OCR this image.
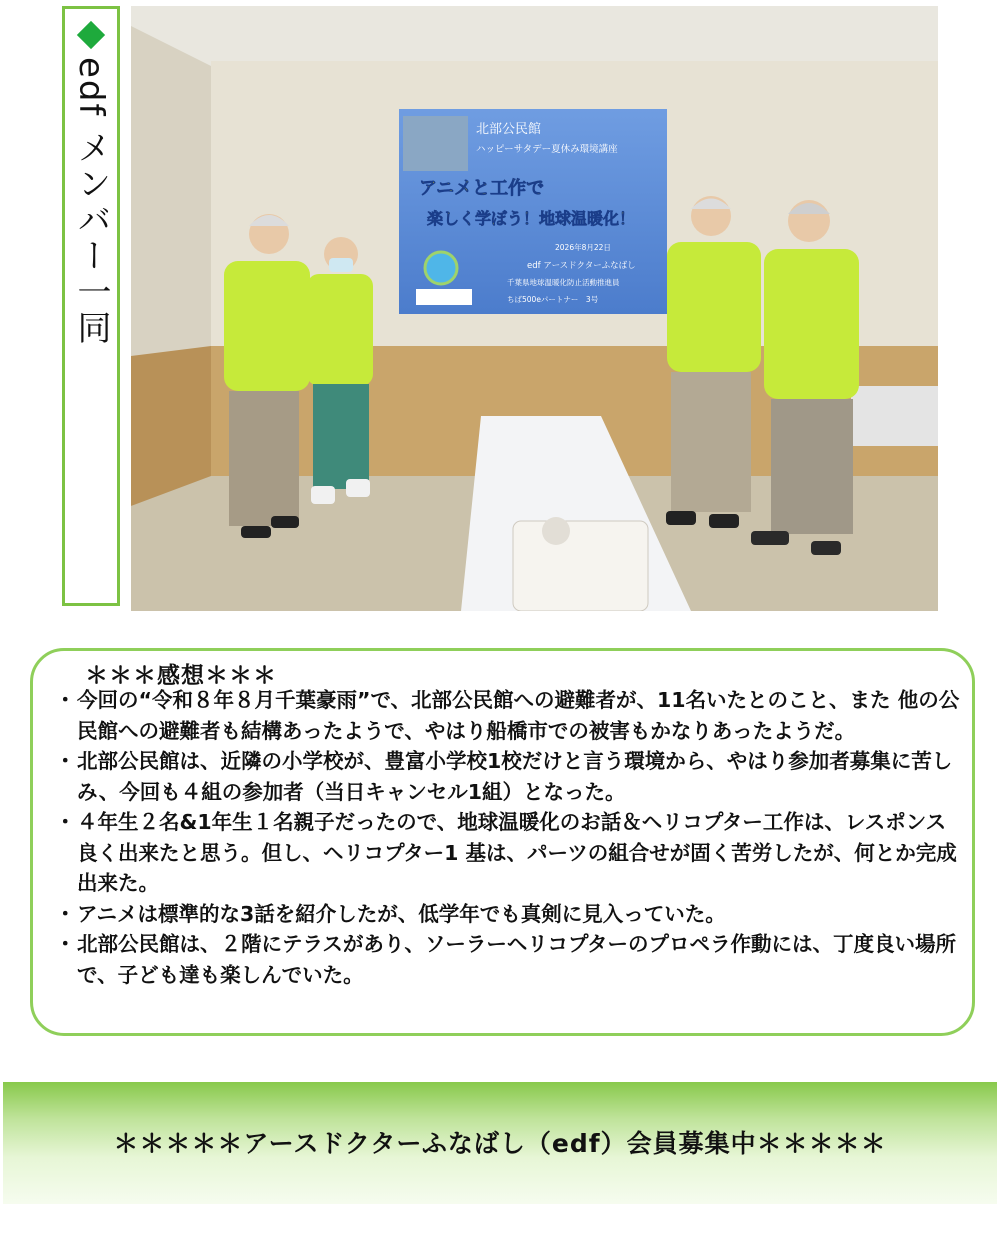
edf メンバー一同	北部公民館
ハッピーサタデー夏休み環境講座
アニメと工作で
楽しく学ぼう！地球温暖化！
2026年8月22日
edf アースドクターふなばし
千葉県地球温暖化防止活動推進員
ちば500eパートナー　3号
＊＊＊感想＊＊＊
・ 今回の“令和８年８月千葉豪雨”で、北部公民館への避難者が、11名いたとのこと、また 他の公民館への避難者も結構あったようで、やはり船橋市での被害もかなりあったようだ。
・ 北部公民館は、近隣の小学校が、豊富小学校1校だけと言う環境から、やはり参加者募集に苦しみ、今回も４組の参加者（当日キャンセル1組）となった。
・ ４年生２名&1年生１名親子だったので、地球温暖化のお話＆ヘリコプター工作は、レスポンス良く出来たと思う。但し、ヘリコプター1 基は、パーツの組合せが固く苦労したが、何とか完成出来た。
・ アニメは標準的な3話を紹介したが、低学年でも真剣に見入っていた。
・ 北部公民館は、２階にテラスがあり、ソーラーヘリコプターのプロペラ作動には、丁度良い場所で、子ども達も楽しんでいた。
＊＊＊＊＊アースドクターふなばし（edf）会員募集中＊＊＊＊＊
